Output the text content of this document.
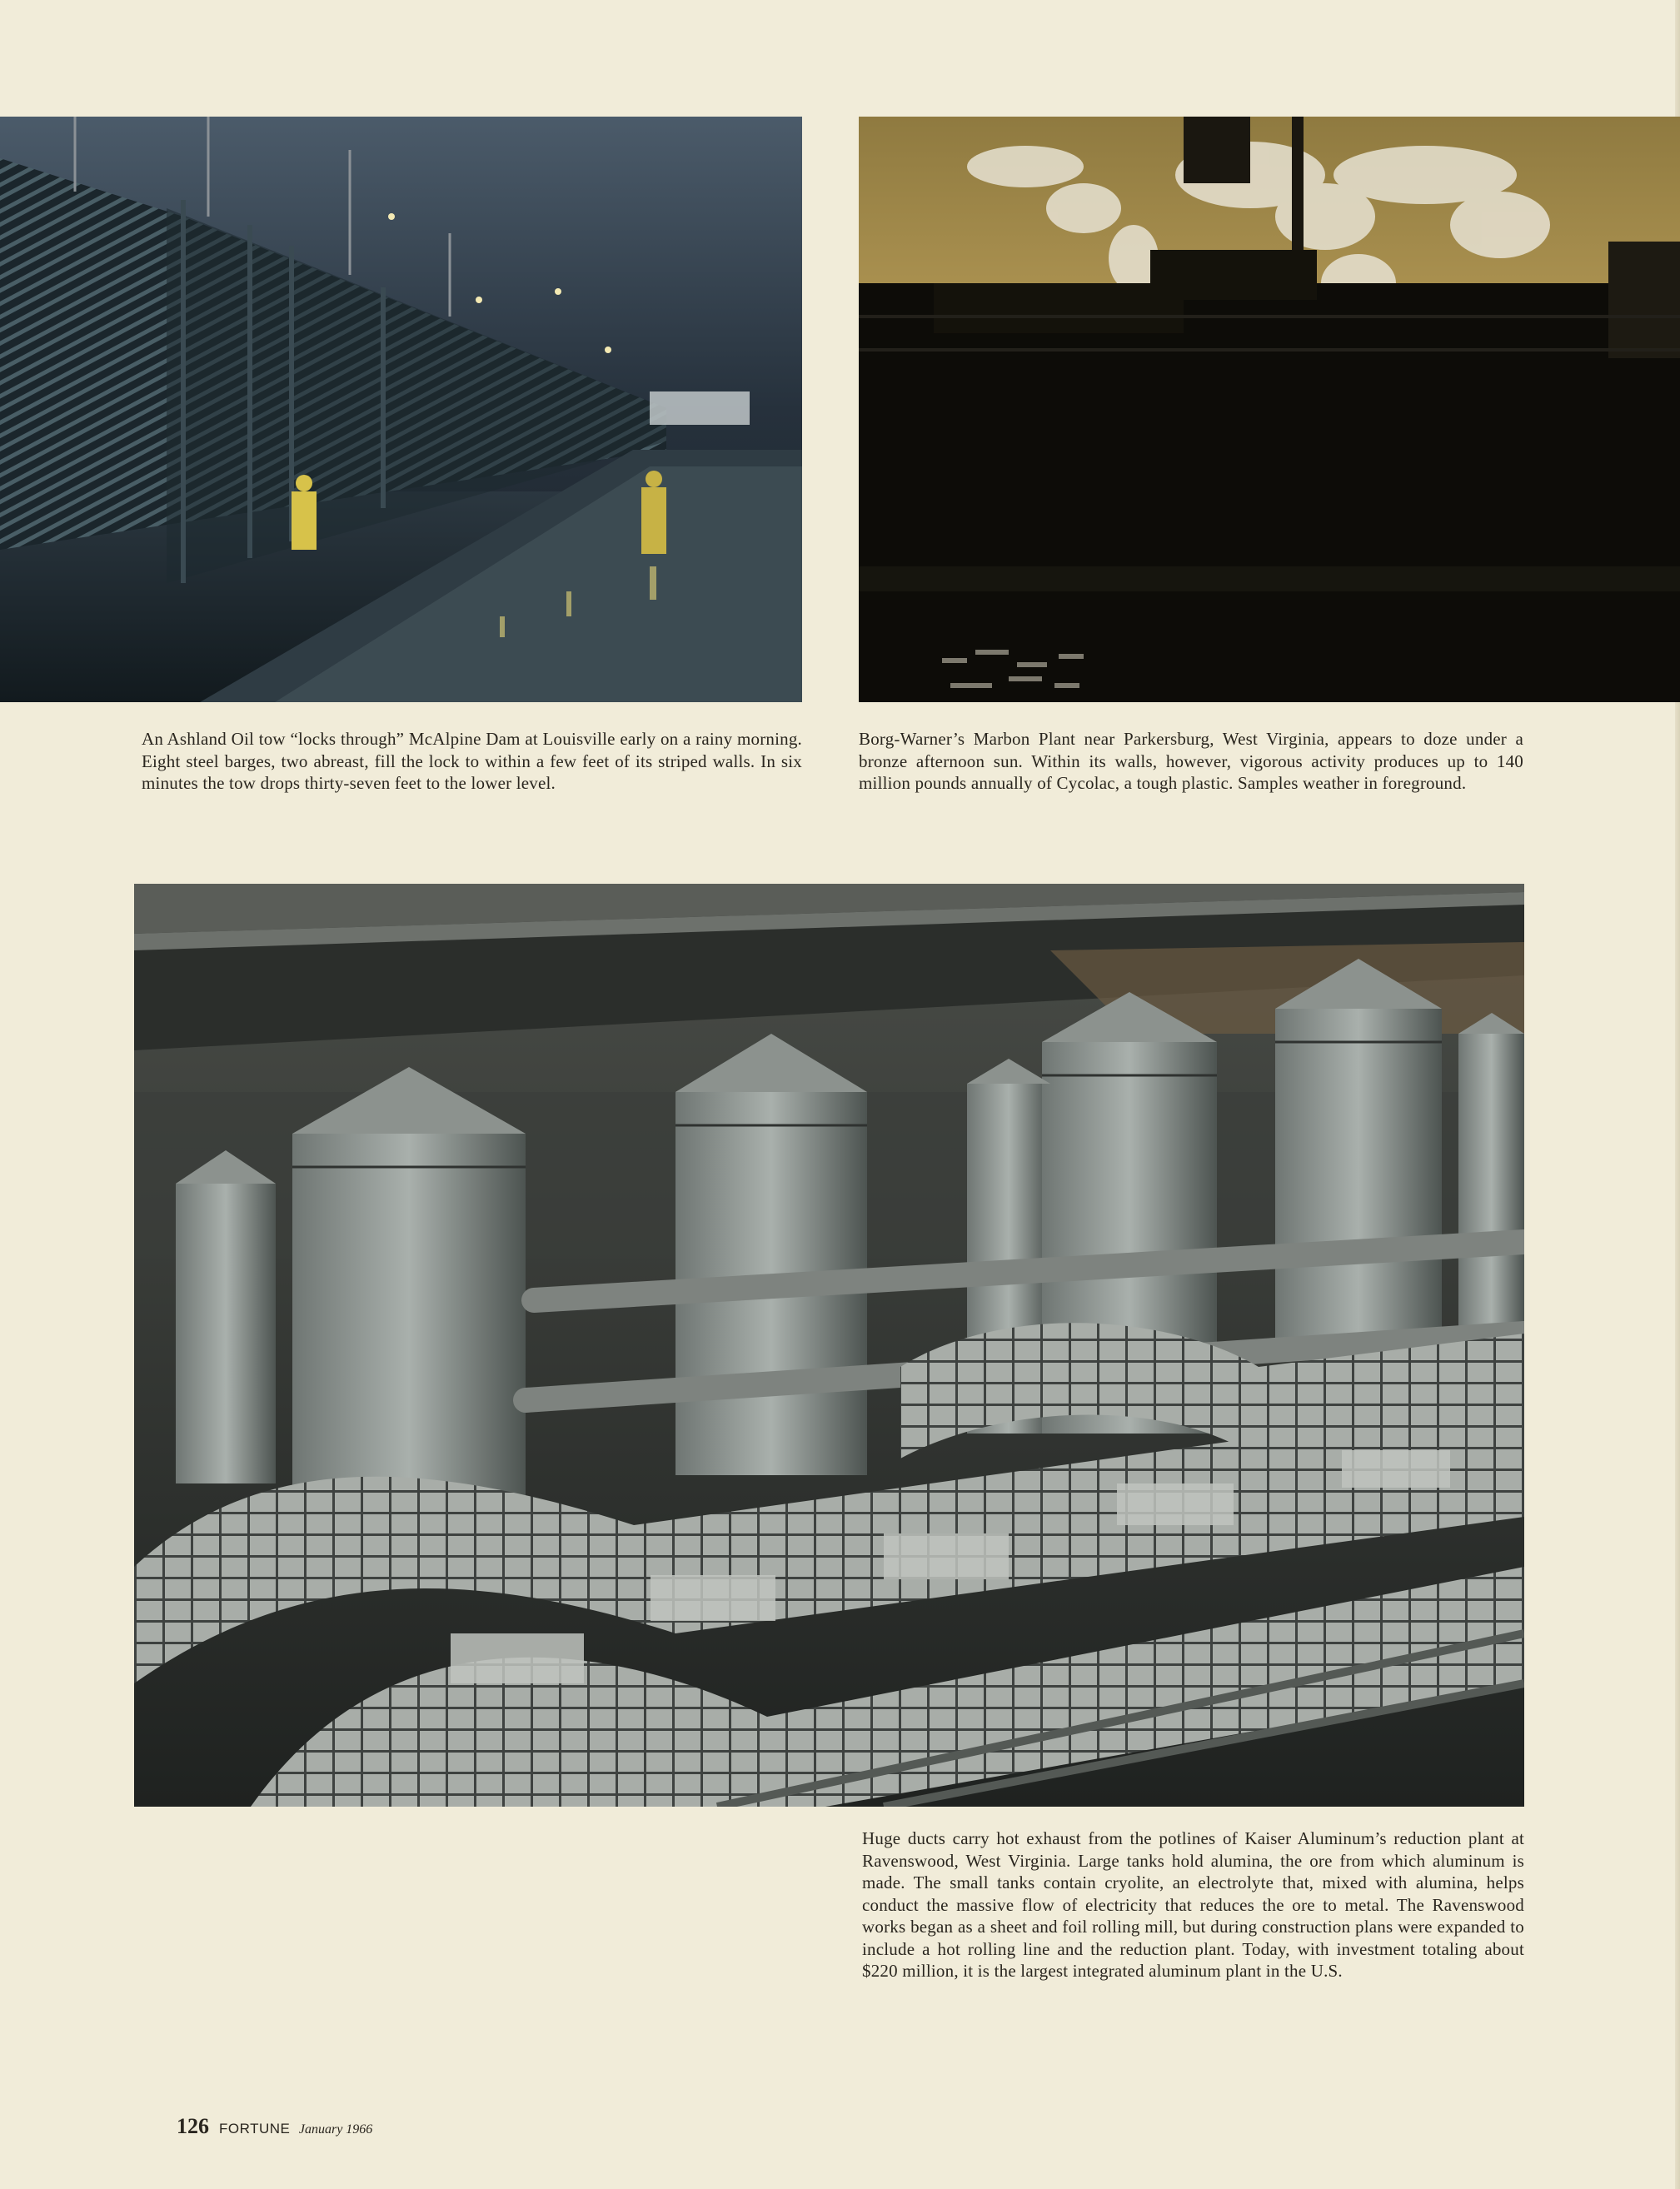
An Ashland Oil tow “locks through” McAlpine Dam at Louisville early on a rainy morning. Eight steel barges, two abreast, fill the lock to within a few feet of its striped walls. In six minutes the tow drops thirty-seven feet to the lower level.

Borg-Warner’s Marbon Plant near Parkersburg, West Virginia, appears to doze under a bronze afternoon sun. Within its walls, however, vigorous activity produces up to 140 million pounds annually of Cycolac, a tough plastic. Samples weather in foreground.

Huge ducts carry hot exhaust from the potlines of Kaiser Aluminum’s reduction plant at Ravenswood, West Virginia. Large tanks hold alumina, the ore from which aluminum is made. The small tanks contain cryolite, an electrolyte that, mixed with alumina, helps conduct the massive flow of electricity that reduces the ore to metal. The Ravenswood works began as a sheet and foil rolling mill, but during construction plans were expanded to include a hot rolling line and the reduction plant. Today, with investment totaling about $220 million, it is the largest integrated aluminum plant in the U.S.

126 FORTUNE January 1966
